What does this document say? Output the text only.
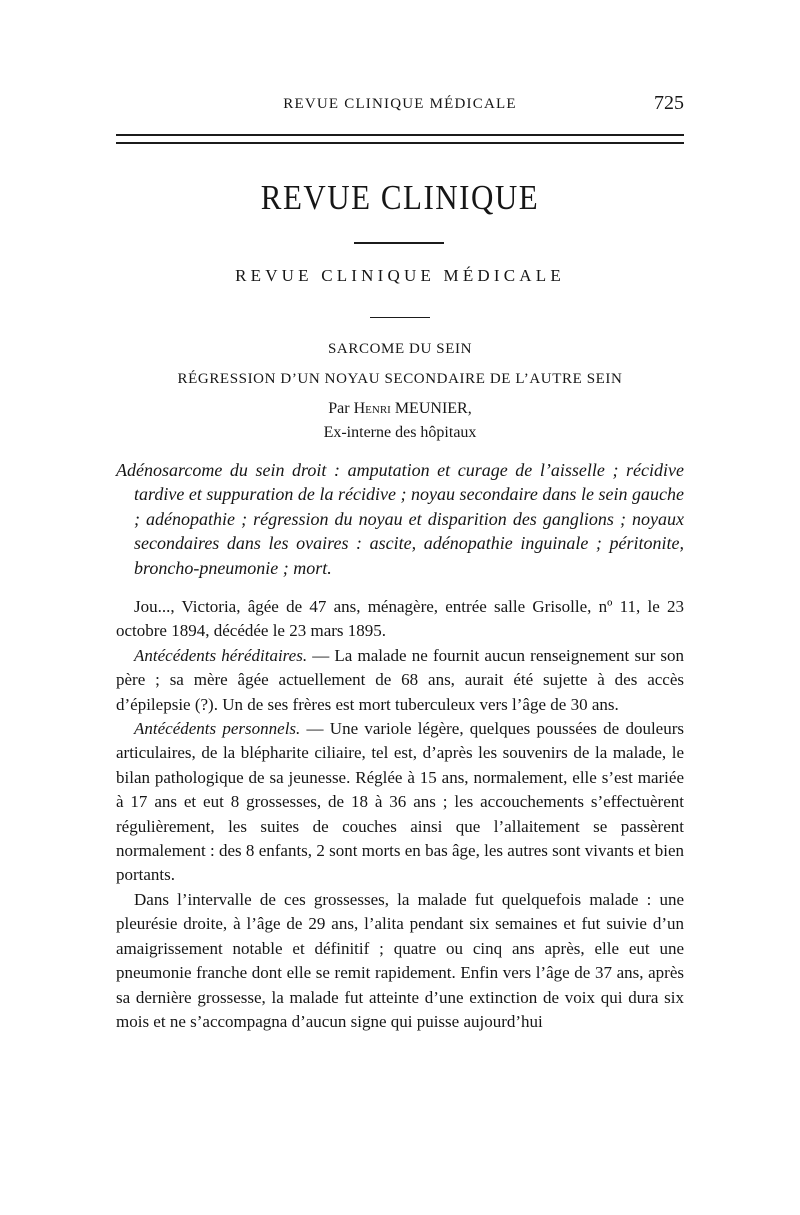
REVUE CLINIQUE MÉDICALE	725
REVUE CLINIQUE
REVUE CLINIQUE MÉDICALE
SARCOME DU SEIN
RÉGRESSION D’UN NOYAU SECONDAIRE DE L’AUTRE SEIN
Par Henri MEUNIER,
Ex-interne des hôpitaux
Adénosarcome du sein droit : amputation et curage de l’aisselle ; récidive tardive et suppuration de la récidive ; noyau secondaire dans le sein gauche ; adénopathie ; régression du noyau et disparition des ganglions ; noyaux secondaires dans les ovaires : ascite, adénopathie inguinale ; péritonite, broncho-pneumonie ; mort.

Jou..., Victoria, âgée de 47 ans, ménagère, entrée salle Grisolle, nº 11, le 23 octobre 1894, décédée le 23 mars 1895.

Antécédents héréditaires. — La malade ne fournit aucun renseignement sur son père ; sa mère âgée actuellement de 68 ans, aurait été sujette à des accès d’épilepsie (?). Un de ses frères est mort tuberculeux vers l’âge de 30 ans.

Antécédents personnels. — Une variole légère, quelques poussées de douleurs articulaires, de la blépharite ciliaire, tel est, d’après les souvenirs de la malade, le bilan pathologique de sa jeunesse. Réglée à 15 ans, normalement, elle s’est mariée à 17 ans et eut 8 grossesses, de 18 à 36 ans ; les accouchements s’effectuèrent régulièrement, les suites de couches ainsi que l’allaitement se passèrent normalement : des 8 enfants, 2 sont morts en bas âge, les autres sont vivants et bien portants.

Dans l’intervalle de ces grossesses, la malade fut quelquefois malade : une pleurésie droite, à l’âge de 29 ans, l’alita pendant six semaines et fut suivie d’un amaigrissement notable et définitif ; quatre ou cinq ans après, elle eut une pneumonie franche dont elle se remit rapidement. Enfin vers l’âge de 37 ans, après sa dernière grossesse, la malade fut atteinte d’une extinction de voix qui dura six mois et ne s’accompagna d’aucun signe qui puisse aujourd’hui
